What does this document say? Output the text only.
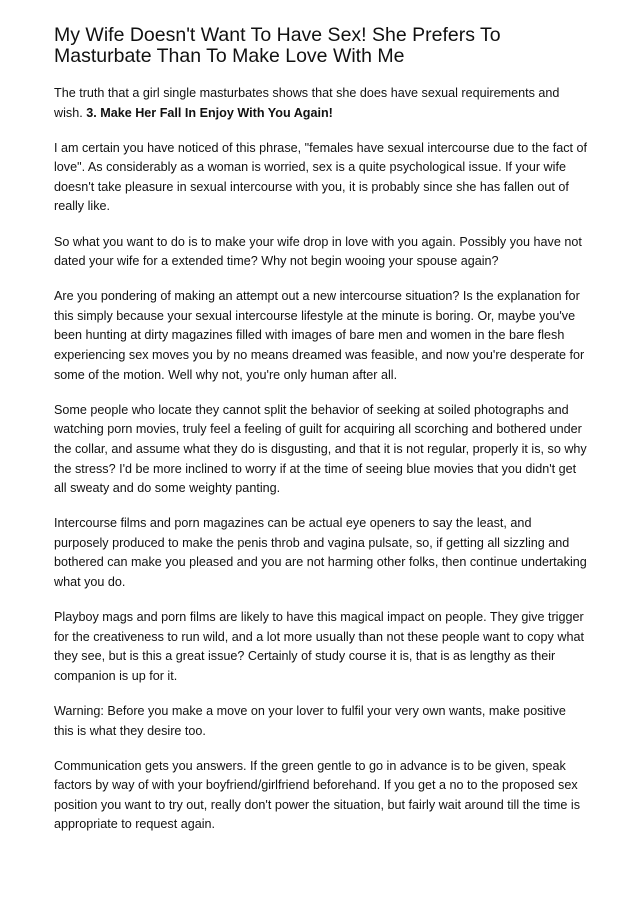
My Wife Doesn't Want To Have Sex! She Prefers To Masturbate Than To Make Love With Me

The truth that a girl single masturbates shows that she does have sexual requirements and wish. 3. Make Her Fall In Enjoy With You Again!

I am certain you have noticed of this phrase, "females have sexual intercourse due to the fact of love". As considerably as a woman is worried, sex is a quite psychological issue. If your wife doesn't take pleasure in sexual intercourse with you, it is probably since she has fallen out of really like.

So what you want to do is to make your wife drop in love with you again. Possibly you have not dated your wife for a extended time? Why not begin wooing your spouse again?

Are you pondering of making an attempt out a new intercourse situation? Is the explanation for this simply because your sexual intercourse lifestyle at the minute is boring. Or, maybe you've been hunting at dirty magazines filled with images of bare men and women in the bare flesh experiencing sex moves you by no means dreamed was feasible, and now you're desperate for some of the motion. Well why not, you're only human after all.

Some people who locate they cannot split the behavior of seeking at soiled photographs and watching porn movies, truly feel a feeling of guilt for acquiring all scorching and bothered under the collar, and assume what they do is disgusting, and that it is not regular, properly it is, so why the stress? I'd be more inclined to worry if at the time of seeing blue movies that you didn't get all sweaty and do some weighty panting.

Intercourse films and porn magazines can be actual eye openers to say the least, and purposely produced to make the penis throb and vagina pulsate, so, if getting all sizzling and bothered can make you pleased and you are not harming other folks, then continue undertaking what you do.

Playboy mags and porn films are likely to have this magical impact on people. They give trigger for the creativeness to run wild, and a lot more usually than not these people want to copy what they see, but is this a great issue? Certainly of study course it is, that is as lengthy as their companion is up for it.

Warning: Before you make a move on your lover to fulfil your very own wants, make positive this is what they desire too.

Communication gets you answers. If the green gentle to go in advance is to be given, speak factors by way of with your boyfriend/girlfriend beforehand. If you get a no to the proposed sex position you want to try out, really don't power the situation, but fairly wait around till the time is appropriate to request again.
